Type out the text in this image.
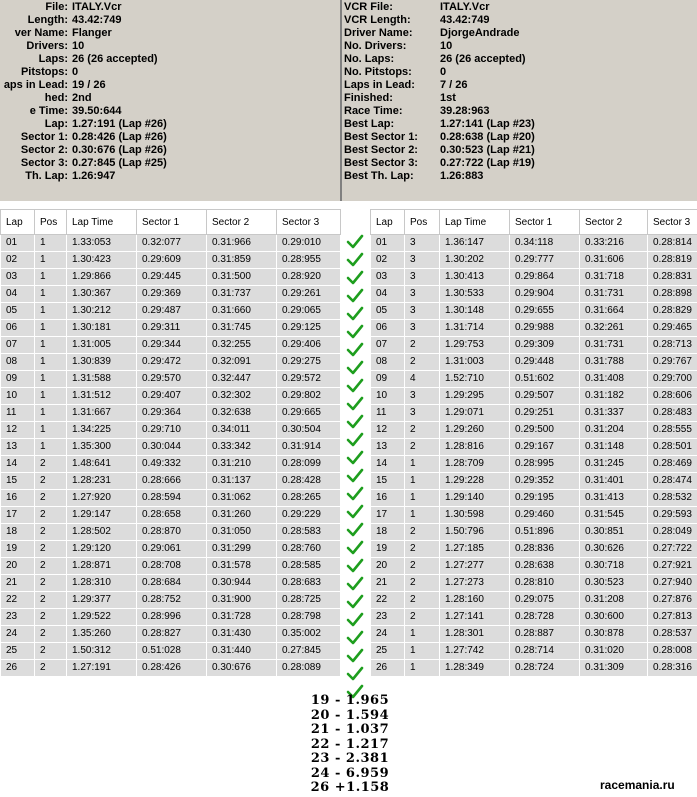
File: ITALY.Vcr
Length: 43.42:749
ver Name: Flanger
Drivers: 10
Laps: 26 (26 accepted)
Pitstops: 0
aps in Lead: 19 / 26
hed: 2nd
e Time: 39.50:644
Lap: 1.27:191 (Lap #26)
Sector 1: 0.28:426 (Lap #26)
Sector 2: 0.30:676 (Lap #26)
Sector 3: 0.27:845 (Lap #25)
Th. Lap: 1.26:947
VCR File:	ITALY.Vcr
VCR Length:	43.42:749
Driver Name:	DjorgeAndrade
No. Drivers:	10
No. Laps:	26 (26 accepted)
No. Pitstops:	0
Laps in Lead: 7 / 26
Finished:	1st
Race Time:	39.28:963
Best Lap:	1.27:141 (Lap #23)
Best Sector 1: 0.28:638 (Lap #20)
Best Sector 2: 0.30:523 (Lap #21)
Best Sector 3: 0.27:722 (Lap #19)
Best Th. Lap: 1.26:883
Lap	Pos	Lap Time	Sector 1	Sector 2	Sector 3
01	1	1.33:053	0.32:077	0.31:966	0.29:010
02	1	1.30:423	0.29:609	0.31:859	0.28:955
03	1	1.29:866	0.29:445	0.31:500	0.28:920
04	1	1.30:367	0.29:369	0.31:737	0.29:261
05	1	1.30:212	0.29:487	0.31:660	0.29:065
06	1	1.30:181	0.29:311	0.31:745	0.29:125
07	1	1.31:005	0.29:344	0.32:255	0.29:406
08	1	1.30:839	0.29:472	0.32:091	0.29:275
09	1	1.31:588	0.29:570	0.32:447	0.29:572
10	1	1.31:512	0.29:407	0.32:302	0.29:802
11	1	1.31:667	0.29:364	0.32:638	0.29:665
12	1	1.34:225	0.29:710	0.34:011	0.30:504
13	1	1.35:300	0.30:044	0.33:342	0.31:914
14	2	1.48:641	0.49:332	0.31:210	0.28:099
15	2	1.28:231	0.28:666	0.31:137	0.28:428
16	2	1.27:920	0.28:594	0.31:062	0.28:265
17	2	1.29:147	0.28:658	0.31:260	0.29:229
18	2	1.28:502	0.28:870	0.31:050	0.28:583
19	2	1.29:120	0.29:061	0.31:299	0.28:760
20	2	1.28:871	0.28:708	0.31:578	0.28:585
21	2	1.28:310	0.28:684	0.30:944	0.28:683
22	2	1.29:377	0.28:752	0.31:900	0.28:725
23	2	1.29:522	0.28:996	0.31:728	0.28:798
24	2	1.35:260	0.28:827	0.31:430	0.35:002
25	2	1.50:312	0.51:028	0.31:440	0.27:845
26	2	1.27:191	0.28:426	0.30:676	0.28:089
Lap	Pos	Lap Time	Sector 1	Sector 2	Sector 3
01	3	1.36:147	0.34:118	0.33:216	0.28:814
02	3	1.30:202	0.29:777	0.31:606	0.28:819
03	3	1.30:413	0.29:864	0.31:718	0.28:831
04	3	1.30:533	0.29:904	0.31:731	0.28:898
05	3	1.30:148	0.29:655	0.31:664	0.28:829
06	3	1.31:714	0.29:988	0.32:261	0.29:465
07	2	1.29:753	0.29:309	0.31:731	0.28:713
08	2	1.31:003	0.29:448	0.31:788	0.29:767
09	4	1.52:710	0.51:602	0.31:408	0.29:700
10	3	1.29:295	0.29:507	0.31:182	0.28:606
11	3	1.29:071	0.29:251	0.31:337	0.28:483
12	2	1.29:260	0.29:500	0.31:204	0.28:555
13	2	1.28:816	0.29:167	0.31:148	0.28:501
14	1	1.28:709	0.28:995	0.31:245	0.28:469
15	1	1.29:228	0.29:352	0.31:401	0.28:474
16	1	1.29:140	0.29:195	0.31:413	0.28:532
17	1	1.30:598	0.29:460	0.31:545	0.29:593
18	2	1.50:796	0.51:896	0.30:851	0.28:049
19	2	1.27:185	0.28:836	0.30:626	0.27:722
20	2	1.27:277	0.28:638	0.30:718	0.27:921
21	2	1.27:273	0.28:810	0.30:523	0.27:940
22	2	1.28:160	0.29:075	0.31:208	0.27:876
23	2	1.27:141	0.28:728	0.30:600	0.27:813
24	1	1.28:301	0.28:887	0.30:878	0.28:537
25	1	1.27:742	0.28:714	0.31:020	0.28:008
26	1	1.28:349	0.28:724	0.31:309	0.28:316
19 - 1.965
20 - 1.594
21 - 1.037
22 - 1.217
23 - 2.381
24 - 6.959
26 +1.158	racemania.ru
